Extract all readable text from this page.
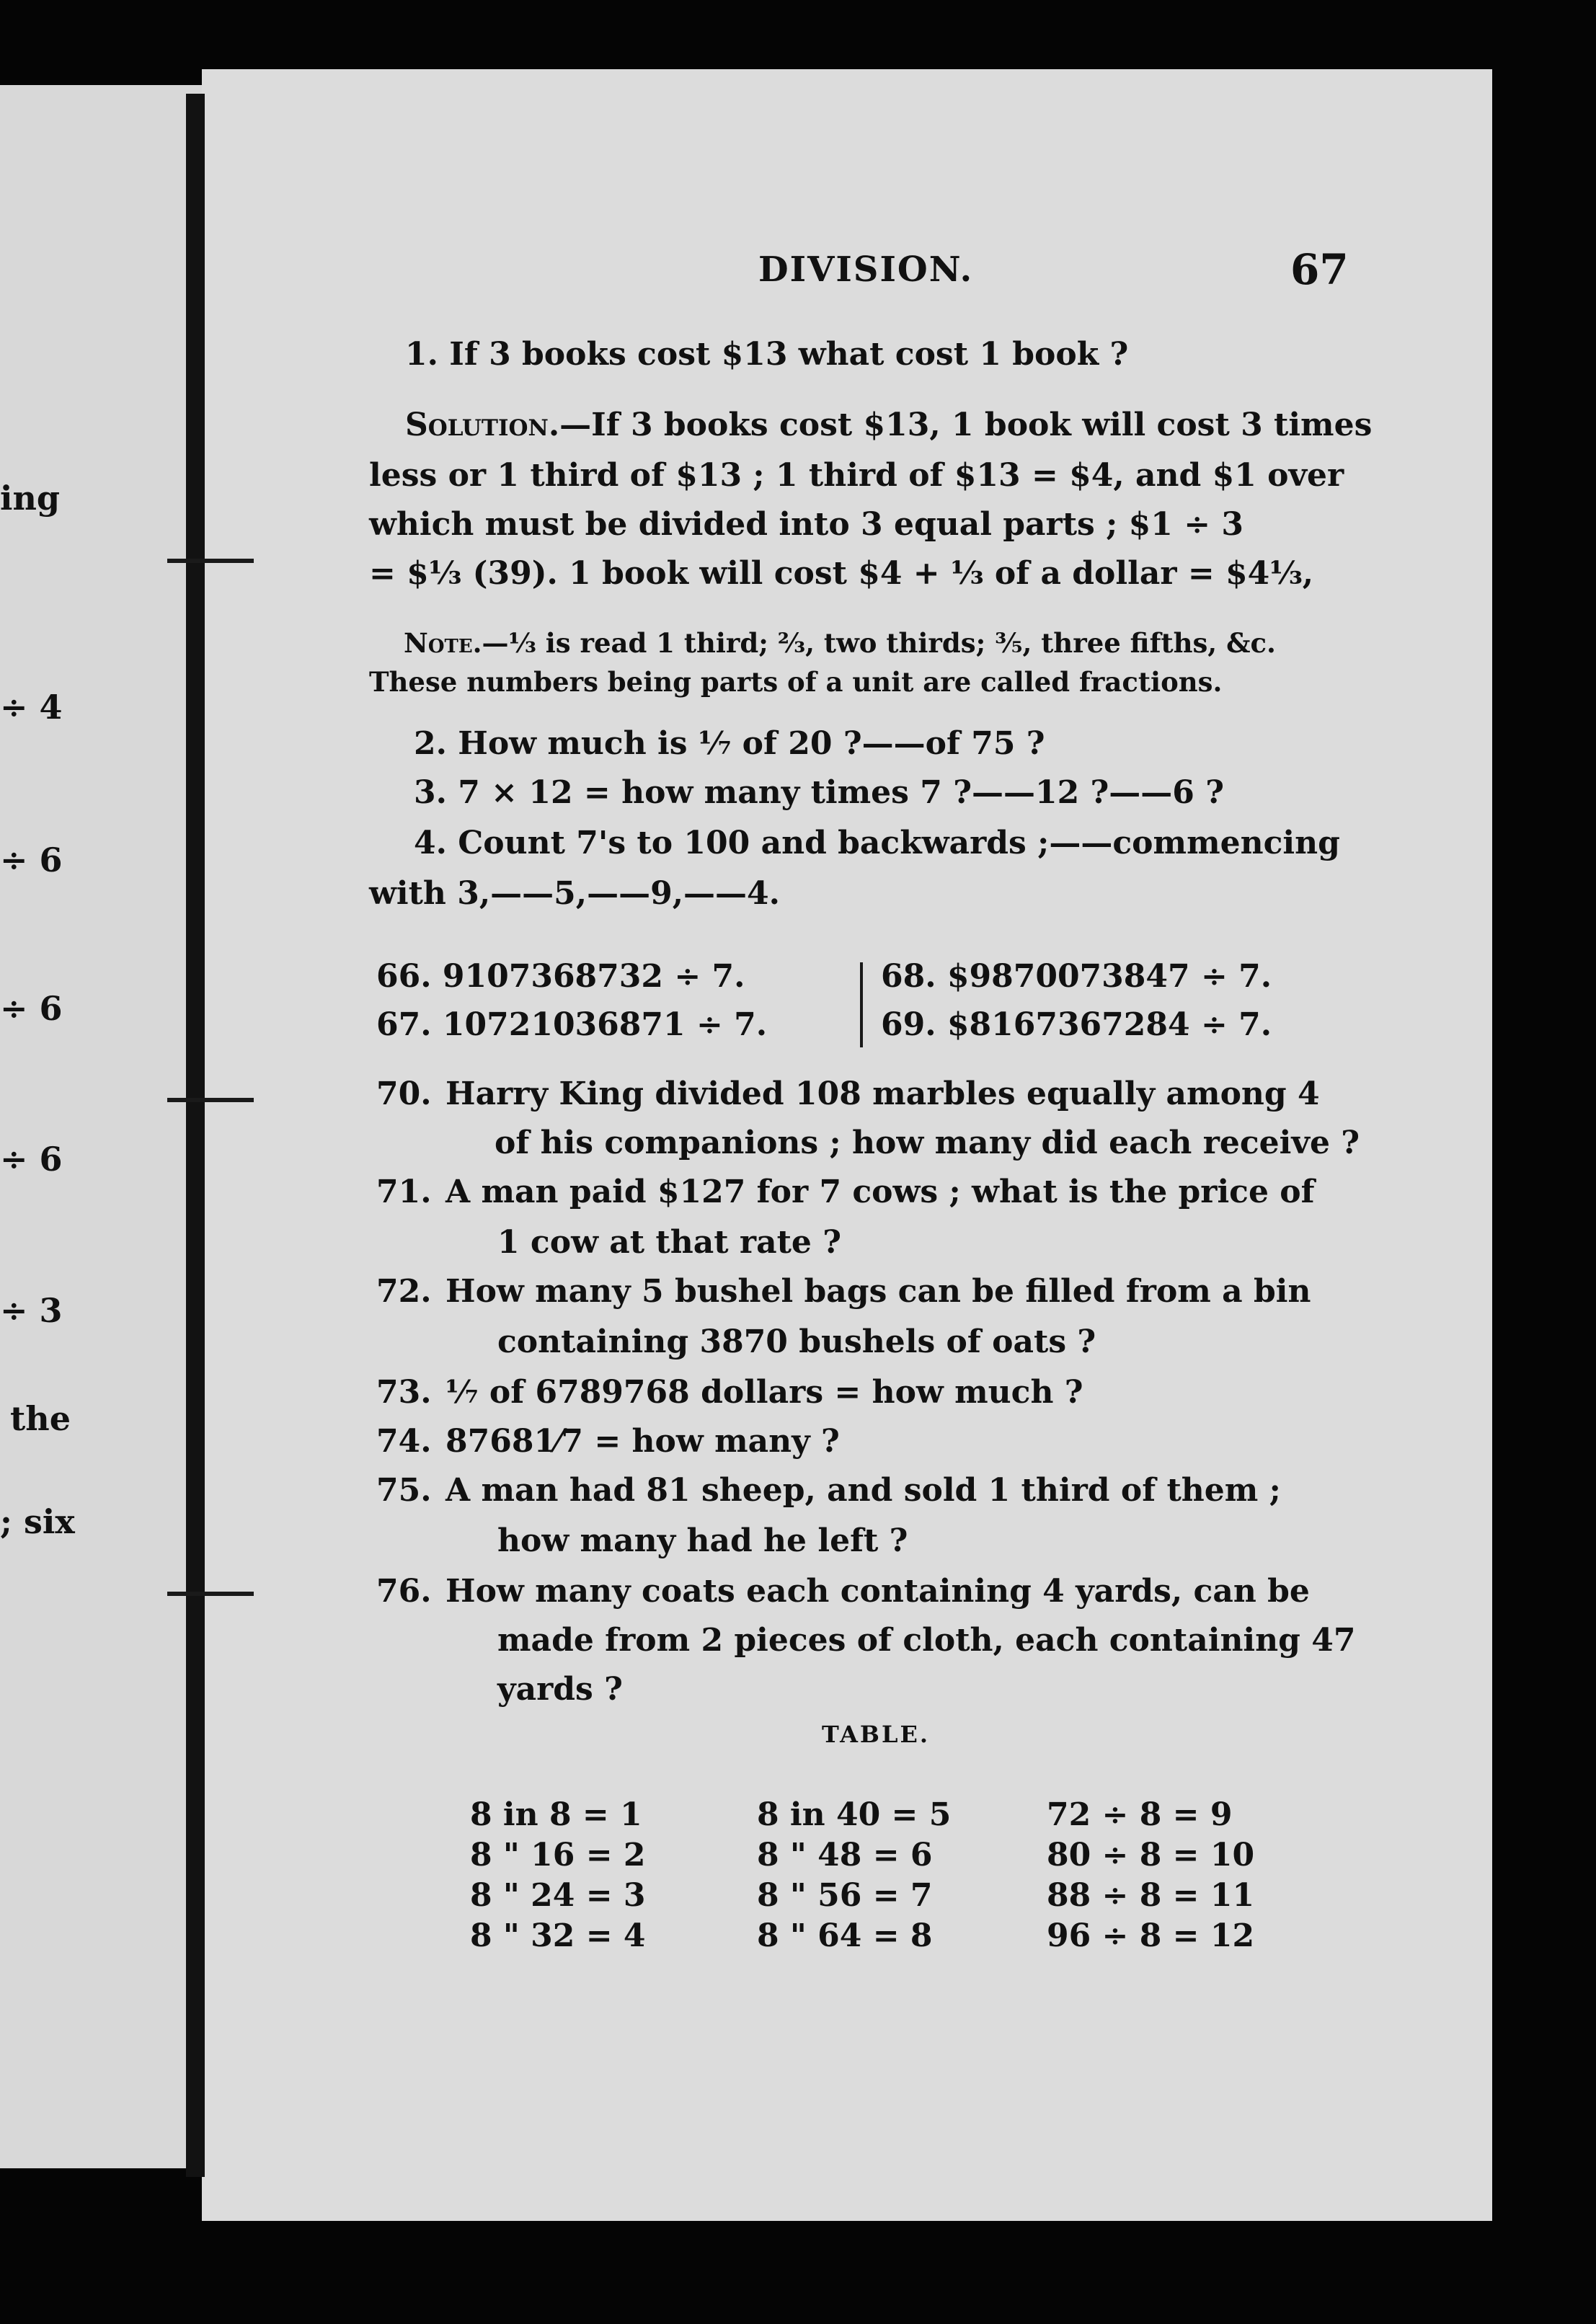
ing
÷ 4
÷ 6
÷ 6
÷ 6
÷ 3
the
; six
DIVISION.	67
1. If 3 books cost $13 what cost 1 book ?
Solution.—If 3 books cost $13, 1 book will cost 3 times
less or 1 third of $13 ; 1 third of $13 = $4, and $1 over
which must be divided into 3 equal parts ; $1 ÷ 3
= $⅓ (39). 1 book will cost $4 + ⅓ of a dollar = $4⅓,
Note.—⅓ is read 1 third; ⅔, two thirds; ⅗, three fifths, &c.
These numbers being parts of a unit are called fractions.
2. How much is ⅐ of 20 ?——of 75 ?
3. 7 × 12 = how many times 7 ?——12 ?——6 ?
4. Count 7's to 100 and backwards ;——commencing
with 3,——5,——9,——4.
66. 9107368732 ÷ 7.
67. 10721036871 ÷ 7.
68. $9870073847 ÷ 7.
69. $8167367284 ÷ 7.
70. Harry King divided 108 marbles equally among 4
of his companions ; how many did each receive ?
71. A man paid $127 for 7 cows ; what is the price of
1 cow at that rate ?
72. How many 5 bushel bags can be filled from a bin
containing 3870 bushels of oats ?
73. ⅐ of 6789768 dollars = how much ?
74. 87681⁄7 = how many ?
75. A man had 81 sheep, and sold 1 third of them ;
how many had he left ?
76. How many coats each containing 4 yards, can be
made from 2 pieces of cloth, each containing 47
yards ?
TABLE.
8 in 8 = 1
8 " 16 = 2
8 " 24 = 3
8 " 32 = 4
8 in 40 = 5
8 " 48 = 6
8 " 56 = 7
8 " 64 = 8
72 ÷ 8 = 9
80 ÷ 8 = 10
88 ÷ 8 = 11
96 ÷ 8 = 12
